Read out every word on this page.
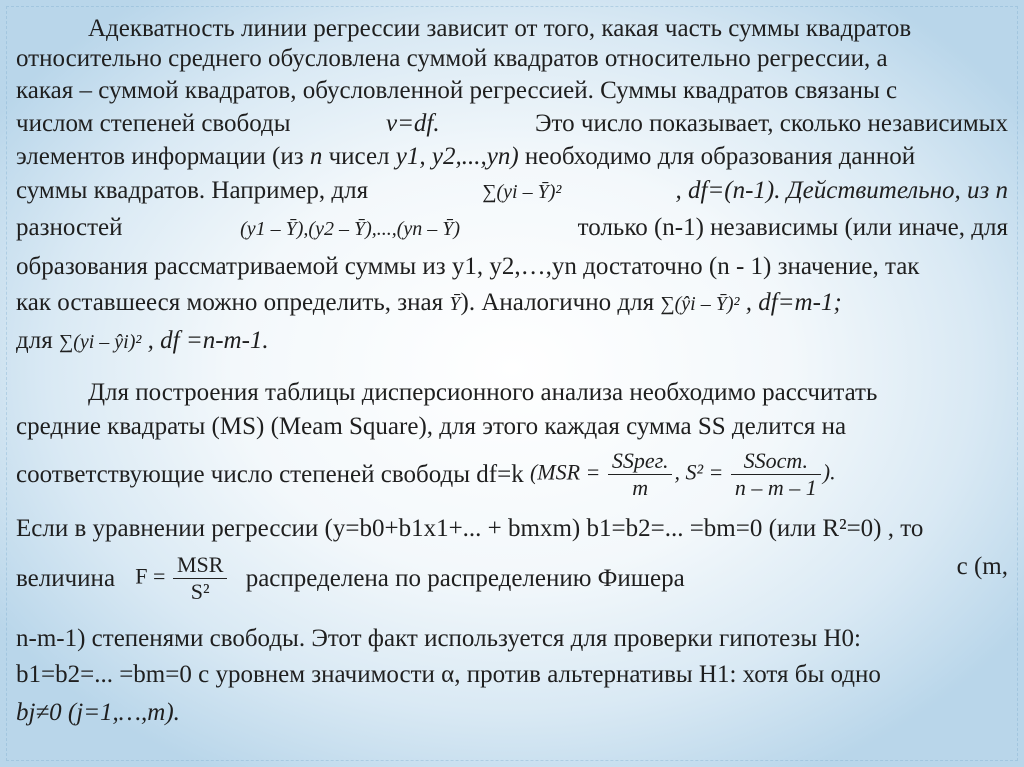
Адекватность линии регрессии зависит от того, какая часть суммы квадратов
относительно среднего обусловлена суммой квадратов относительно регрессии, а
какая – суммой квадратов, обусловленной регрессией. Суммы квадратов связаны с
числом степеней свободы	ν=df.	Это число показывает, сколько независимых
элементов информации (из n чисел y1, y2,...,yn) необходимо для образования данной
суммы квадратов. Например, для	∑(yi – Ȳ)²	, df=(n-1). Действительно, из n
разностей	(y1 – Ȳ),(y2 – Ȳ),...,(yn – Ȳ)	только (n-1) независимы (или иначе, для
образования рассматриваемой суммы из y1, y2,…,yn достаточно (n - 1) значение, так
как оставшееся можно определить, зная Ȳ). Аналогично для ∑(ŷi – Ȳ)² , df=m-1;
для ∑(yi – ŷi)² , df =n-m-1.
Для построения таблицы дисперсионного анализа необходимо рассчитать
средние квадраты (MS) (Meam Square), для этого каждая сумма SS делится на
соответствующие число степеней свободы df=k ($MSR = \frac{\text{SSрег.}}{m}$ , $S^2 = \frac{\text{SSост.}}{n - m - 1}$ ).
Если в уравнении регрессии (y=b0+b1x1+... + bmxm) b1=b2=... =bm=0 (или R²=0) , то
величина $F = \frac{\text{MSR}}{\text{S²}}$ распределена по распределению Фишера	с (m,
n-m-1) степенями свободы. Этот факт используется для проверки гипотезы H0:
b1=b2=... =bm=0 с уровнем значимости α, против альтернативы H1: хотя бы одно
bj≠0 (j=1,…,m).
